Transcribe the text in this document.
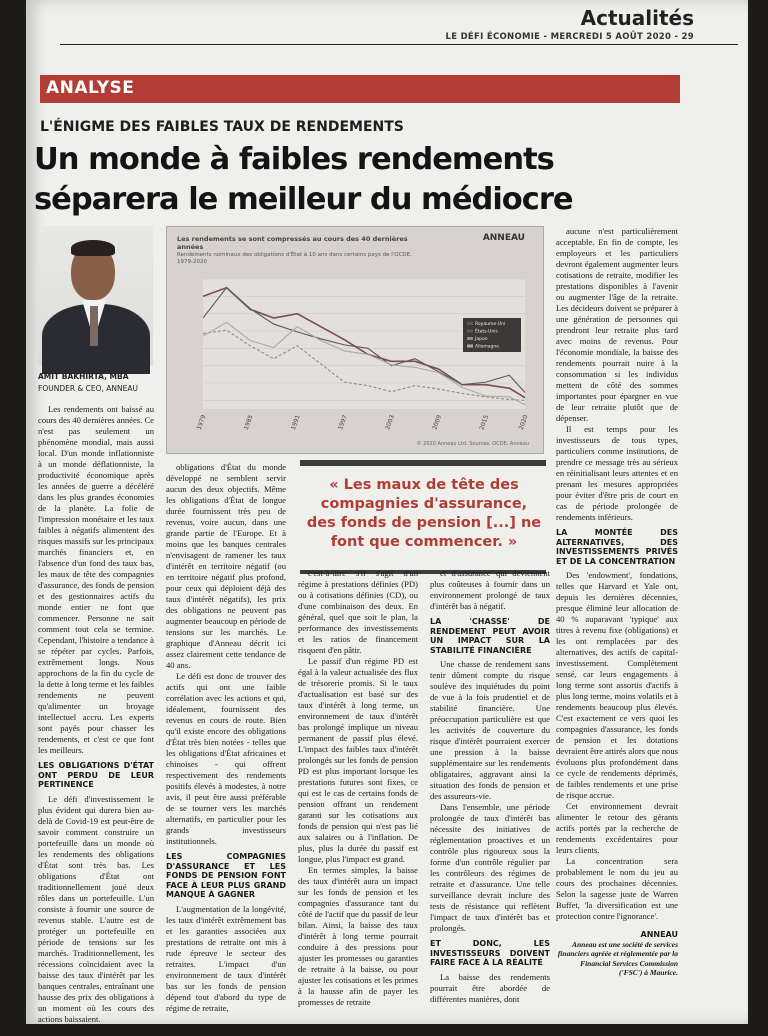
Actualités
LE DÉFI ÉCONOMIE - MERCREDI 5 AOÛT 2020 - 29
ANALYSE
L'ÉNIGME DES FAIBLES TAUX DE RENDEMENTS
Un monde à faibles rendements séparera le meilleur du médiocre
AMIT BAKHIRTA, MBA
FOUNDER & CEO, ANNEAU
Les rendements se sont compressés au cours des 40 dernières années
Rendements nominaux des obligations d'État à 10 ans dans certains pays de l'OCDE, 1979-2020
ANNEAU
1979	1985	1991	1997	2003	2009	2015	2020
Royaume-Uni
États-Unis
Japon
Allemagne
© 2020 Anneau Ltd. Sources: OCDE, Anneau
« Les maux de tête des compagnies d'assurance, des fonds de pension [...] ne font que commencer. »

Les rendements ont baissé au cours des 40 dernières années. Ce n'est pas seulement un phénomène mondial, mais aussi local. D'un monde inflationniste à un monde déflationniste, la productivité économique après les années de guerre a décéléré dans les plus grandes économies de la planète. La folie de l'impression monétaire et les taux faibles à négatifs alimentent des risques massifs sur les principaux marchés financiers et, en l'absence d'un fond des taux bas, les maux de tête des compagnies d'assurance, des fonds de pension et des gestionnaires actifs du monde entier ne font que commencer. Personne ne sait comment tout cela se termine. Cependant, l'histoire a tendance à se répéter par cycles. Parfois, extrêmement longs. Nous approchons de la fin du cycle de la dette à long terme et les faibles rendements ne peuvent qu'alimenter un broyage intellectuel accru. Les experts sont payés pour chasser les rendements, et c'est ce que font les meilleurs.

LES OBLIGATIONS D'ÉTAT ONT PERDU DE LEUR PERTINENCE

Le défi d'investissement le plus évident qui durera bien au-delà de Covid-19 est peut-être de savoir comment construire un portefeuille dans un monde où les rendements des obligations d'État sont très bas. Les obligations d'État ont traditionnellement joué deux rôles dans un portefeuille. L'un consiste à fournir une source de revenus stable. L'autre est de protéger un portefeuille en période de tensions sur les marchés. Traditionnellement, les récessions coïncidaient avec la baisse des taux d'intérêt par les banques centrales, entraînant une hausse des prix des obligations à un moment où les cours des actions baissaient.

Cependant, à l'avenir, les

obligations d'État du monde développé ne semblent servir aucun des deux objectifs. Même les obligations d'État de longue durée fournissent très peu de revenus, voire aucun, dans une grande partie de l'Europe. Et à moins que les banques centrales n'envisagent de ramener les taux d'intérêt en territoire négatif (ou en territoire négatif plus profond, pour ceux qui déploient déjà des taux d'intérêt négatifs), les prix des obligations ne peuvent pas augmenter beaucoup en période de tensions sur les marchés. Le graphique d'Anneau décrit ici assez clairement cette tendance de 40 ans.

Le défi est donc de trouver des actifs qui ont une faible corrélation avec les actions et qui, idéalement, fournissent des revenus en cours de route. Bien qu'il existe encore des obligations d'État très bien notées - telles que les obligations d'État africaines et chinoises - qui offrent respectivement des rendements positifs élevés à modestes, à notre avis, il peut être aussi préférable de se tourner vers les marchés alternatifs, en particulier pour les grands investisseurs institutionnels.

LES COMPAGNIES D'ASSURANCE ET LES FONDS DE PENSION FONT FACE À LEUR PLUS GRAND MANQUE À GAGNER

L'augmentation de la longévité, les taux d'intérêt extrêmement bas et les garanties associées aux prestations de retraite ont mis à rude épreuve le secteur des retraites. L'impact d'un environnement de taux d'intérêt bas sur les fonds de pension dépend tout d'abord du type de régime de retraite,

c'est-à-dire s'il s'agit d'un régime à prestations définies (PD) ou à cotisations définies (CD), ou d'une combinaison des deux. En général, quel que soit le plan, la performance des investissements et les ratios de financement risquent d'en pâtir.

Le passif d'un régime PD est égal à la valeur actualisée des flux de trésorerie promis. Si le taux d'actualisation est basé sur des taux d'intérêt à long terme, un environnement de taux d'intérêt bas prolongé implique un niveau permanent de passif plus élevé. L'impact des faibles taux d'intérêt prolongés sur les fonds de pension PD est plus important lorsque les prestations futures sont fixes, ce qui est le cas de certains fonds de pension offrant un rendement garanti sur les cotisations aux fonds de pension qui n'est pas lié aux salaires ou à l'inflation. De plus, plus la durée du passif est longue, plus l'impact est grand.

En termes simples, la baisse des taux d'intérêt aura un impact sur les fonds de pension et les compagnies d'assurance tant du côté de l'actif que du passif de leur bilan. Ainsi, la baisse des taux d'intérêt à long terme pourrait conduire à des pressions pour ajuster les promesses ou garanties de retraite à la baisse, ou pour ajuster les cotisations et les primes à la hausse afin de payer les promesses de retraite

et d'assurance qui deviennent plus coûteuses à fournir dans un environnement prolongé de taux d'intérêt bas à négatif.

LA 'CHASSE' DE RENDEMENT PEUT AVOIR UN IMPACT SUR LA STABILITÉ FINANCIÈRE

Une chasse de rendement sans tenir dûment compte du risque soulève des inquiétudes du point de vue à la fois prudentiel et de stabilité financière. Une préoccupation particulière est que les activités de couverture du risque d'intérêt pourraient exercer une pression à la baisse supplémentaire sur les rendements obligataires, aggravant ainsi la situation des fonds de pension et des assureurs-vie.

Dans l'ensemble, une période prolongée de taux d'intérêt bas nécessite des initiatives de réglementation proactives et un contrôle plus rigoureux sous la forme d'un contrôle régulier par les contrôleurs des régimes de retraite et d'assurance. Une telle surveillance devrait inclure des tests de résistance qui reflètent l'impact de taux d'intérêt bas et prolongés.

ET DONC, LES INVESTISSEURS DOIVENT FAIRE FACE À LA RÉALITÉ

La baisse des rendements pourrait être abordée de différentes manières, dont

aucune n'est particulièrement acceptable. En fin de compte, les employeurs et les particuliers devront également augmenter leurs cotisations de retraite, modifier les prestations disponibles à l'avenir ou augmenter l'âge de la retraite. Les décideurs doivent se préparer à une génération de personnes qui prendront leur retraite plus tard avec moins de revenus. Pour l'économie mondiale, la baisse des rendements pourrait nuire à la consommation si les individus mettent de côté des sommes importantes pour épargner en vue de leur retraite plutôt que de dépenser.

Il est temps pour les investisseurs de tous types, particuliers comme institutions, de prendre ce message très au sérieux en réinitialisant leurs attentes et en prenant les mesures appropriées pour éviter d'être pris de court en cas de période prolongée de rendements inférieurs.

LA MONTÉE DES ALTERNATIVES, DES INVESTISSEMENTS PRIVÉS ET DE LA CONCENTRATION

Des 'endowment', fondations, telles que Harvard et Yale ont, depuis les dernières décennies, presque éliminé leur allocation de 40 % auparavant 'typique' aux titres à revenu fixe (obligations) et les ont remplacées par des alternatives, des actifs de capital-investissement. Complètement sensé, car leurs engagements à long terme sont assortis d'actifs à plus long terme, moins volatils et à rendements beaucoup plus élevés. C'est exactement ce vers quoi les compagnies d'assurance, les fonds de pension et les dotations devraient être attirés alors que nous évoluons plus profondément dans ce cycle de rendements déprimés, de faibles rendements et une prise de risque accrue.

Cet environnement devrait alimenter le retour des gérants actifs portés par la recherche de rendements excédentaires pour leurs clients.

La concentration sera probablement le nom du jeu au cours des prochaines décennies. Selon la sagesse juste de Warren Buffet, 'la diversification est une protection contre l'ignorance'.

ANNEAU
Anneau est une société de services financiers agréée et réglementée par la Financial Services Commission ('FSC') à Maurice.
